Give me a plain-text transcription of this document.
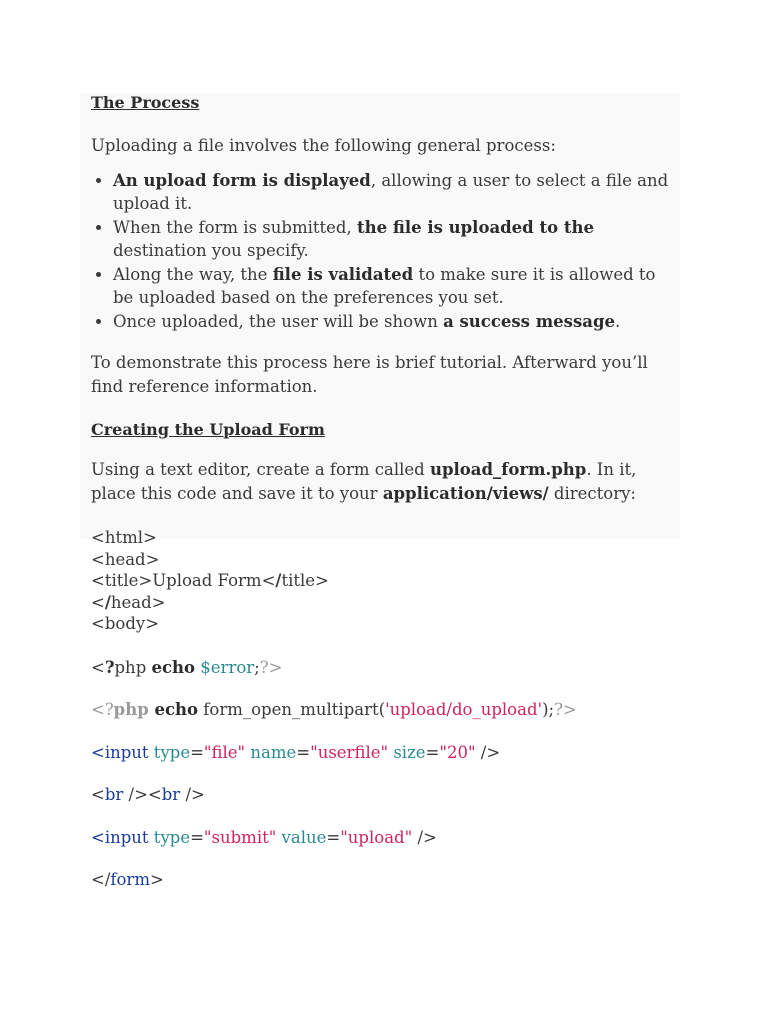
The Process
Uploading a file involves the following general process:
• An upload form is displayed, allowing a user to select a file and upload it.
• When the form is submitted, the file is uploaded to the destination you specify.
• Along the way, the file is validated to make sure it is allowed to be uploaded based on the preferences you set.
• Once uploaded, the user will be shown a success message.
To demonstrate this process here is brief tutorial. Afterward you’ll find reference information.
Creating the Upload Form
Using a text editor, create a form called upload_form.php. In it, place this code and save it to your application/views/ directory:
<html>
<head>
<title>Upload Form</title>
</head>
<body>
<?php echo $error;?>
<?php echo form_open_multipart('upload/do_upload');?>
<input type="file" name="userfile" size="20" />
<br /><br />
<input type="submit" value="upload" />
</form>
